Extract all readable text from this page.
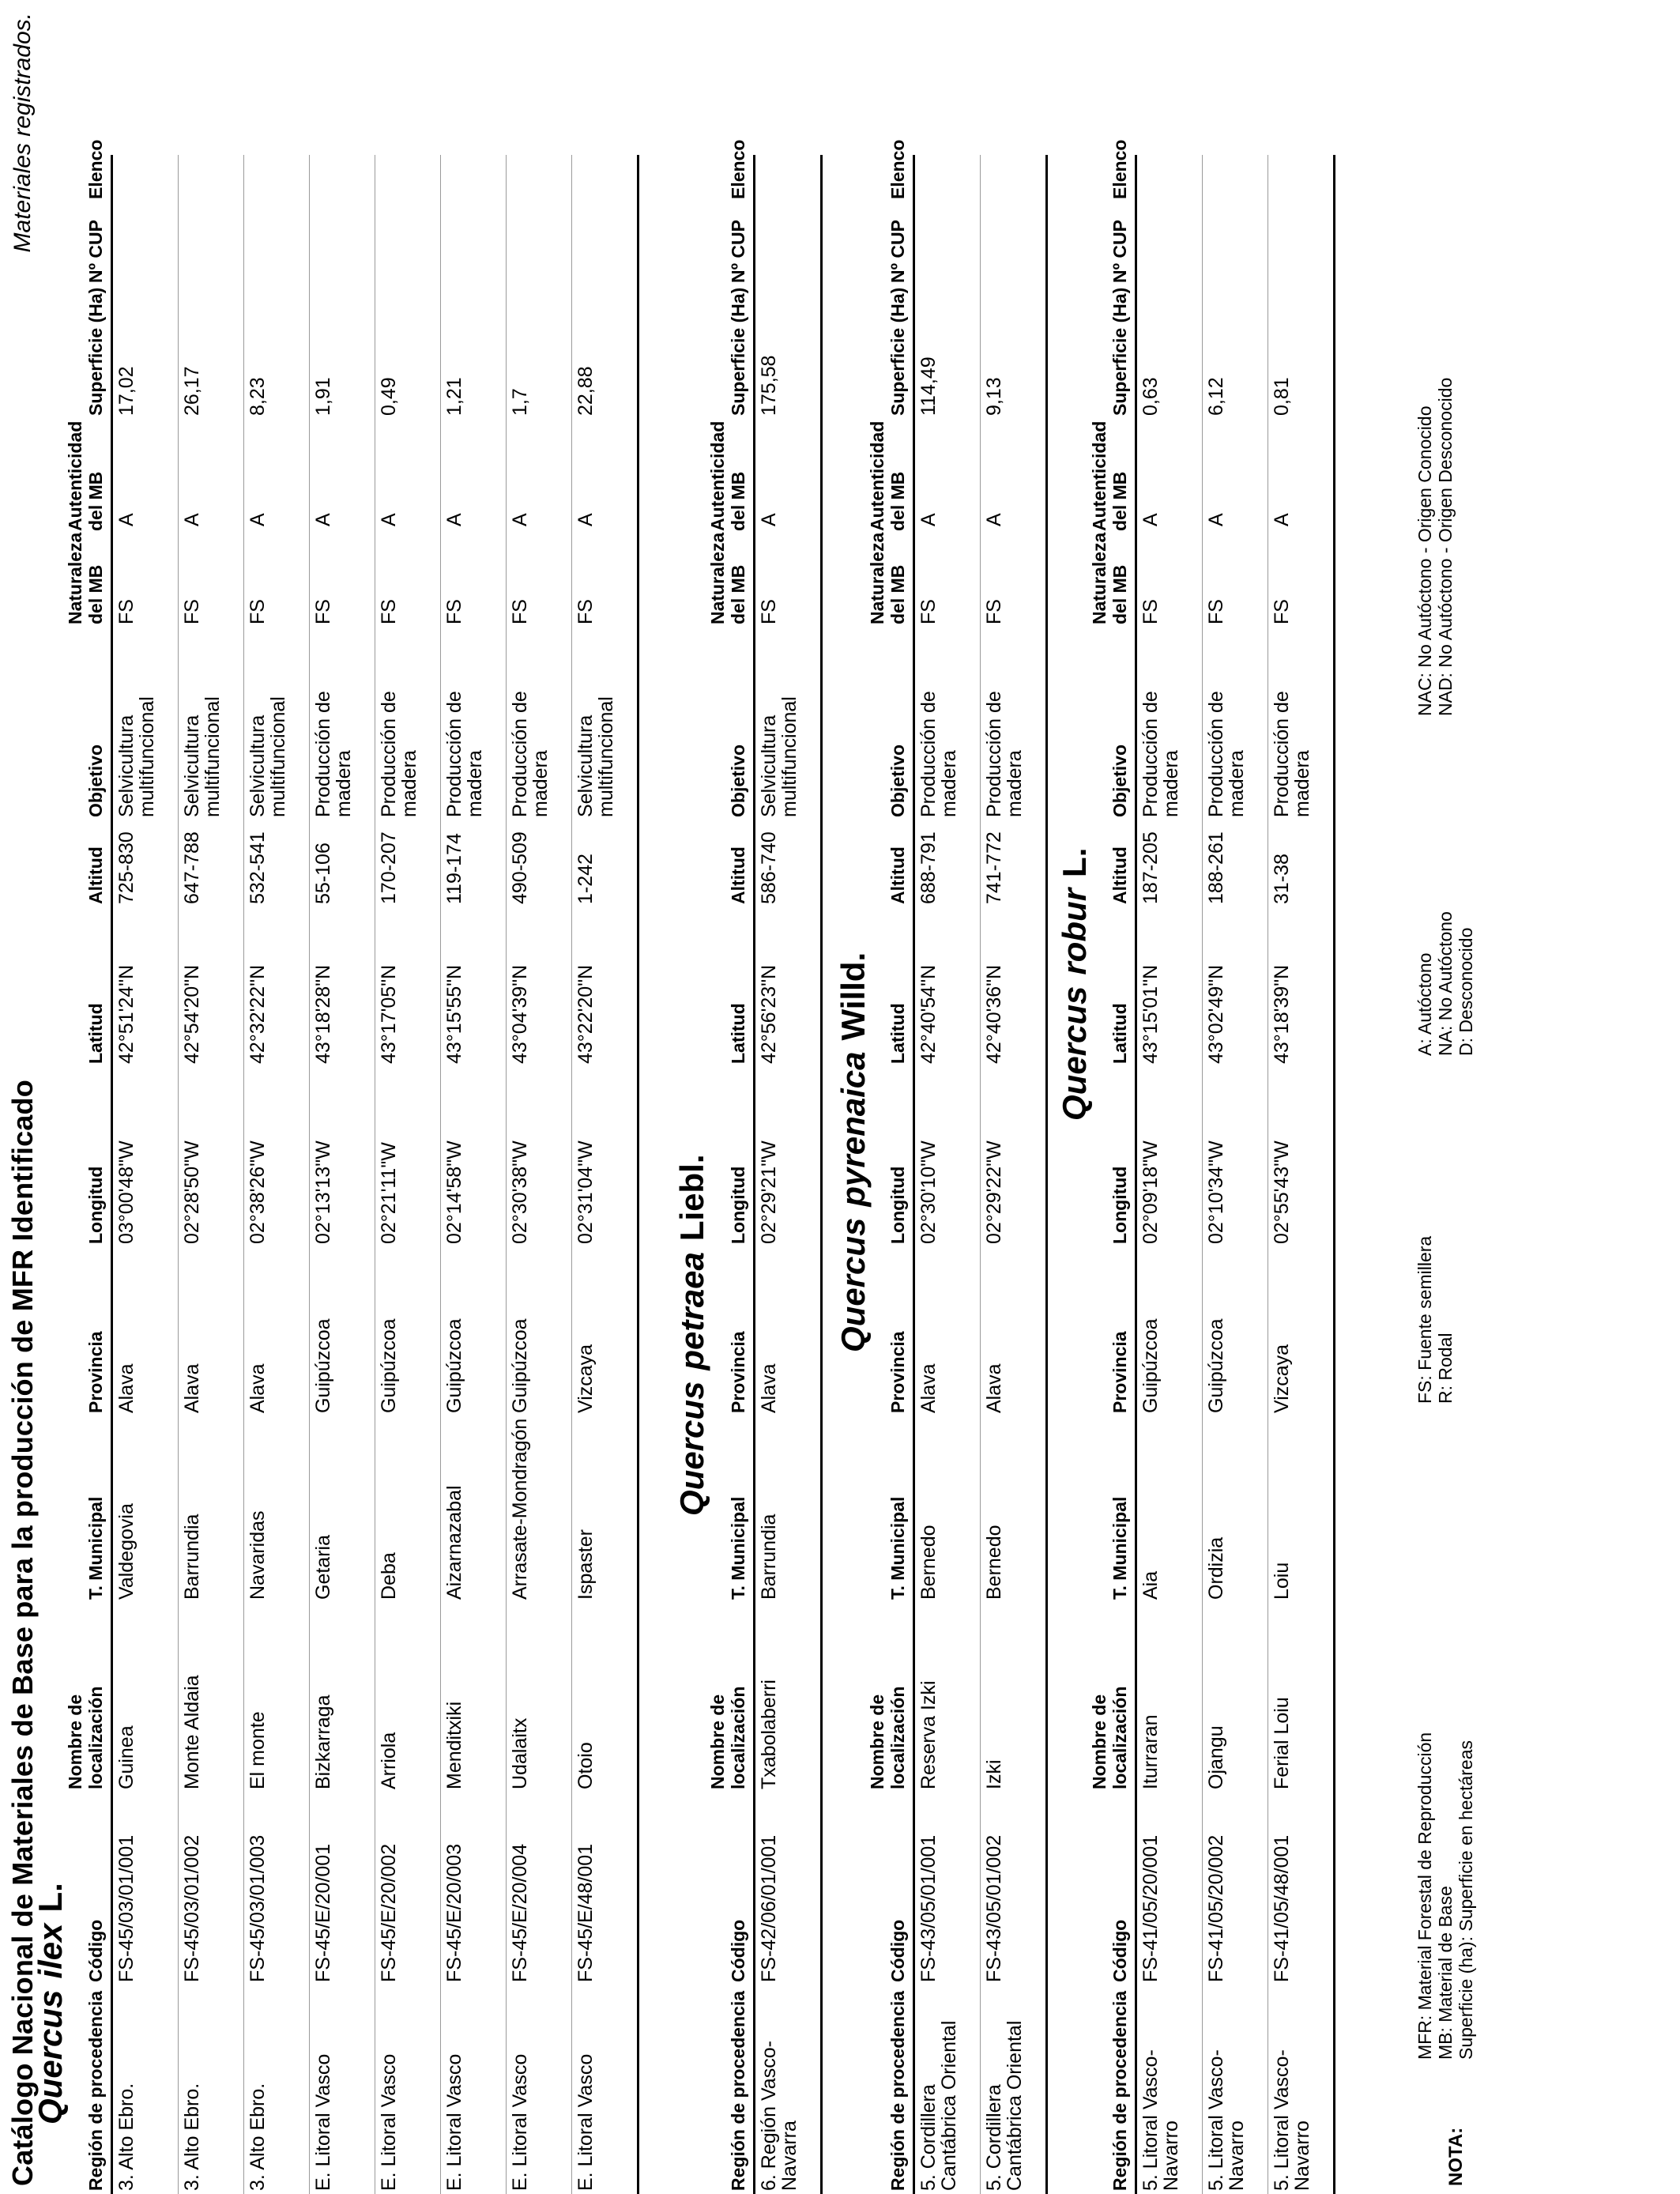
Catálogo Nacional de Materiales de Base para la producción de MFR Identificado
Materiales registrados.
QuercusilexL.
Región de procedencia	Código	Nombre de localización	T. Municipal	Provincia	Longitud	Latitud	Altitud	Objetivo	Naturaleza del MB	Autenticidad del MB	Superficie (Ha)	Nº CUP	Elenco
3. Alto Ebro.	FS-45/03/01/001	Guinea	Valdegovia	Alava	03°00'48"W	42°51'24"N	725-830	Selvicultura multifuncional	FS	A	17,02		
3. Alto Ebro.	FS-45/03/01/002	Monte Aldaia	Barrundia	Alava	02°28'50"W	42°54'20"N	647-788	Selvicultura multifuncional	FS	A	26,17		
3. Alto Ebro.	FS-45/03/01/003	El monte	Navaridas	Alava	02°38'26"W	42°32'22"N	532-541	Selvicultura multifuncional	FS	A	8,23		
E. Litoral Vasco	FS-45/E/20/001	Bizkarraga	Getaria	Guipúzcoa	02°13'13"W	43°18'28"N	55-106	Producción de madera	FS	A	1,91		
E. Litoral Vasco	FS-45/E/20/002	Arriola	Deba	Guipúzcoa	02°21'11"W	43°17'05"N	170-207	Producción de madera	FS	A	0,49		
E. Litoral Vasco	FS-45/E/20/003	Menditxiki	Aizarnazabal	Guipúzcoa	02°14'58"W	43°15'55"N	119-174	Producción de madera	FS	A	1,21		
E. Litoral Vasco	FS-45/E/20/004	Udalaitx	Arrasate-Mondragón	Guipúzcoa	02°30'38"W	43°04'39"N	490-509	Producción de madera	FS	A	1,7		
E. Litoral Vasco	FS-45/E/48/001	Otoio	Ispaster	Vizcaya	02°31'04"W	43°22'20"N	1-242	Selvicultura multifuncional	FS	A	22,88		
QuercuspetraeaLiebl.
Región de procedencia	Código	Nombre de localización	T. Municipal	Provincia	Longitud	Latitud	Altitud	Objetivo	Naturaleza del MB	Autenticidad del MB	Superficie (Ha)	Nº CUP	Elenco
6. Región Vasco-Navarra	FS-42/06/01/001	Txabolaberri	Barrundia	Alava	02°29'21"W	42°56'23"N	586-740	Selvicultura multifuncional	FS	A	175,58		
QuercuspyrenaicaWilld.
Región de procedencia	Código	Nombre de localización	T. Municipal	Provincia	Longitud	Latitud	Altitud	Objetivo	Naturaleza del MB	Autenticidad del MB	Superficie (Ha)	Nº CUP	Elenco
5. Cordillera Cantábrica Oriental	FS-43/05/01/001	Reserva Izki	Bernedo	Alava	02°30'10"W	42°40'54"N	688-791	Producción de madera	FS	A	114,49		
5. Cordillera Cantábrica Oriental	FS-43/05/01/002	Izki	Bernedo	Alava	02°29'22"W	42°40'36"N	741-772	Producción de madera	FS	A	9,13		
QuercusroburL.
Región de procedencia	Código	Nombre de localización	T. Municipal	Provincia	Longitud	Latitud	Altitud	Objetivo	Naturaleza del MB	Autenticidad del MB	Superficie (Ha)	Nº CUP	Elenco
5. Litoral Vasco-Navarro	FS-41/05/20/001	Iturraran	Aia	Guipúzcoa	02°09'18"W	43°15'01"N	187-205	Producción de madera	FS	A	0,63		
5. Litoral Vasco-Navarro	FS-41/05/20/002	Ojangu	Ordizia	Guipúzcoa	02°10'34"W	43°02'49"N	188-261	Producción de madera	FS	A	6,12		
5. Litoral Vasco-Navarro	FS-41/05/48/001	Ferial Loiu	Loiu	Vizcaya	02°55'43"W	43°18'39"N	31-38	Producción de madera	FS	A	0,81		
NOTA:
MFR: Material Forestal de Reproducción MB: Material de Base Superficie (ha): Superficie en hectáreas
FS: Fuente semillera R: Rodal
A: Autóctono NA: No Autóctono D: Desconocido
NAC: No Autóctono - Origen Conocido NAD: No Autóctono - Origen Desconocido
